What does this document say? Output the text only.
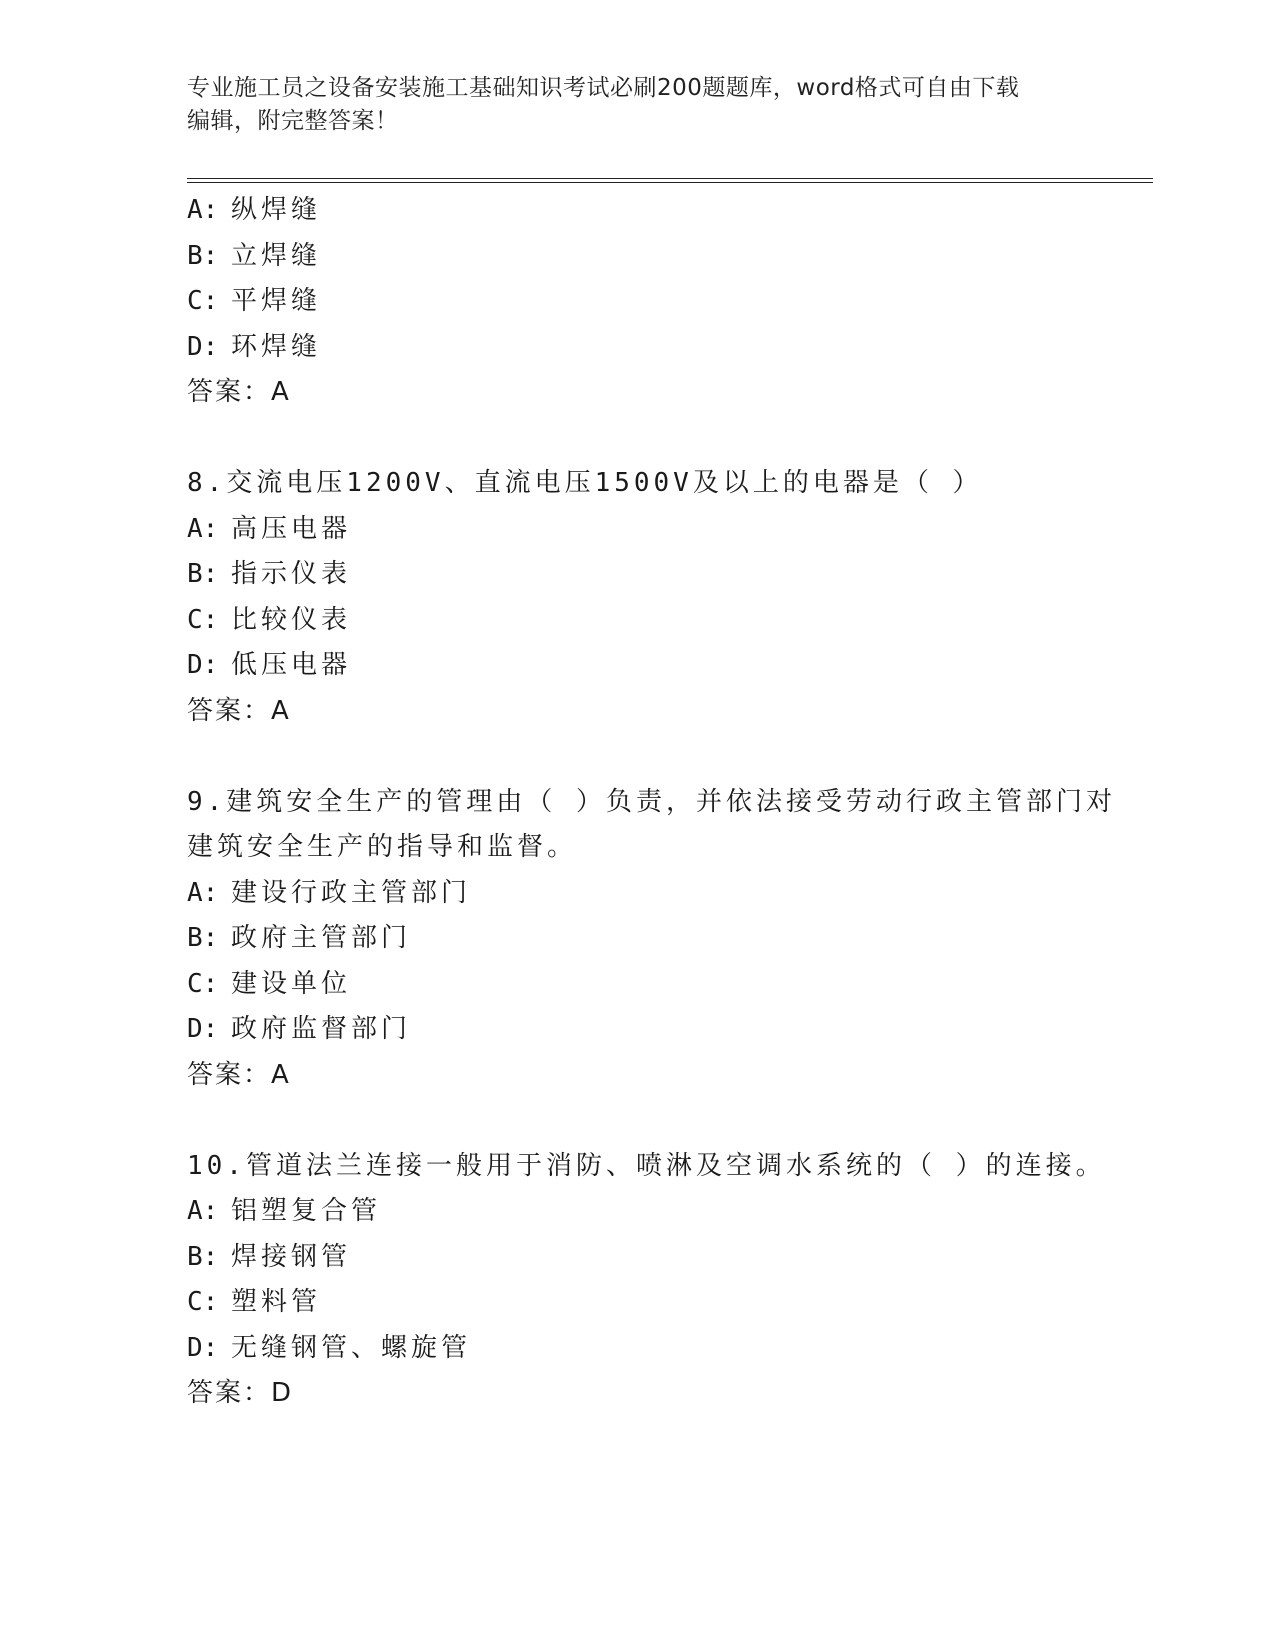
专业施工员之设备安装施工基础知识考试必刷200题题库，word格式可自由下载
编辑，附完整答案！
A: 纵焊缝
B: 立焊缝
C: 平焊缝
D: 环焊缝
答案：A
8.交流电压1200V、直流电压1500V及以上的电器是（ ）
A: 高压电器
B: 指示仪表
C: 比较仪表
D: 低压电器
答案：A
9.建筑安全生产的管理由（ ）负责，并依法接受劳动行政主管部门对
建筑安全生产的指导和监督。
A: 建设行政主管部门
B: 政府主管部门
C: 建设单位
D: 政府监督部门
答案：A
10.管道法兰连接一般用于消防、喷淋及空调水系统的（ ）的连接。
A: 铝塑复合管
B: 焊接钢管
C: 塑料管
D: 无缝钢管、螺旋管
答案：D
